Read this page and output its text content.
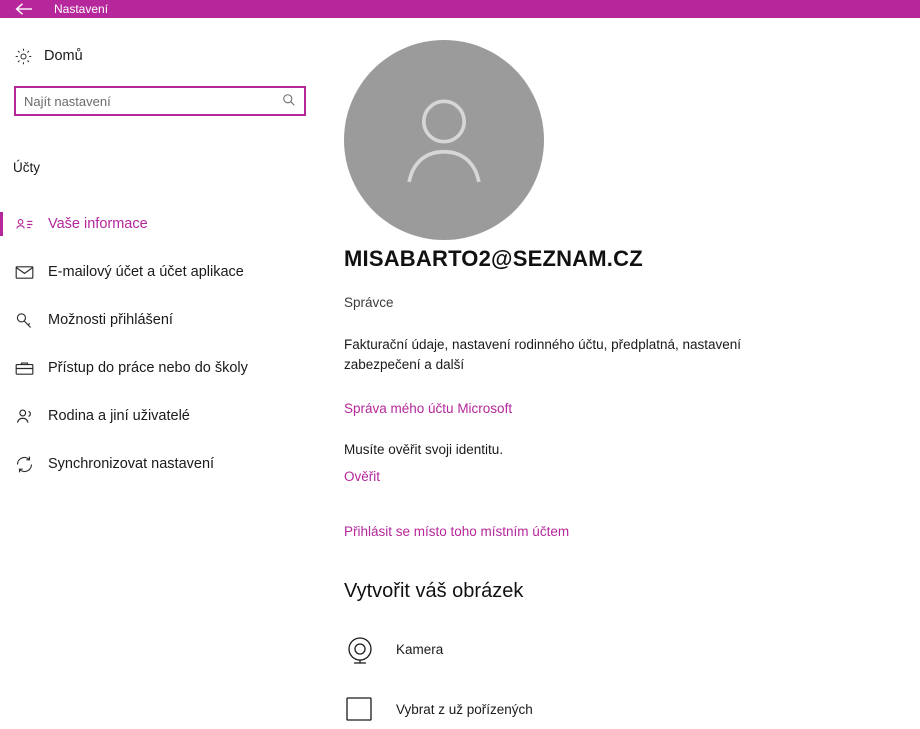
Nastavení
Domů
Najít nastavení
Účty
Vaše informace
E-mailový účet a účet aplikace
Možnosti přihlášení
Přístup do práce nebo do školy
Rodina a jiní uživatelé
Synchronizovat nastavení
MISABARTO2@SEZNAM.CZ
Správce
Fakturační údaje, nastavení rodinného účtu, předplatná, nastavení zabezpečení a další
Správa mého účtu Microsoft
Musíte ověřit svoji identitu.
Ověřit
Přihlásit se místo toho místním účtem
Vytvořit váš obrázek
Kamera
Vybrat z už pořízených
